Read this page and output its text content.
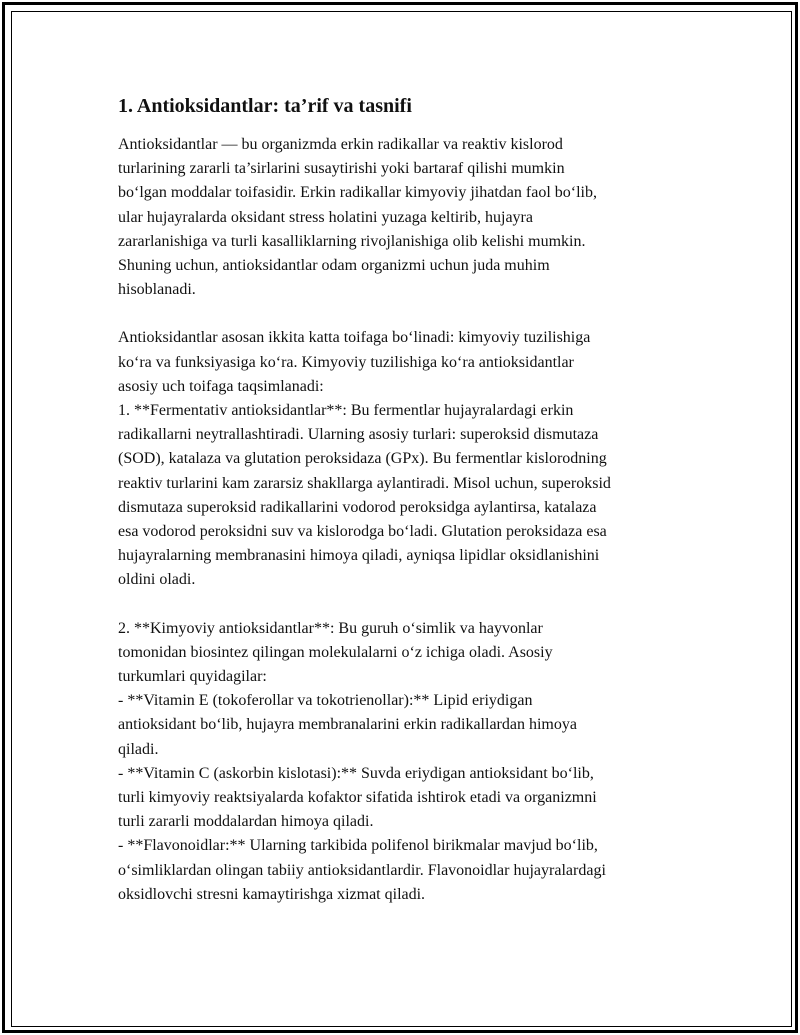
1. Antioksidantlar: ta’rif va tasnifi

Antioksidantlar — bu organizmda erkin radikallar va reaktiv kislorod
turlarining zararli ta’sirlarini susaytirishi yoki bartaraf qilishi mumkin
bo‘lgan moddalar toifasidir. Erkin radikallar kimyoviy jihatdan faol bo‘lib,
ular hujayralarda oksidant stress holatini yuzaga keltirib, hujayra
zararlanishiga va turli kasalliklarning rivojlanishiga olib kelishi mumkin.
Shuning uchun, antioksidantlar odam organizmi uchun juda muhim
hisoblanadi.

Antioksidantlar asosan ikkita katta toifaga bo‘linadi: kimyoviy tuzilishiga
ko‘ra va funksiyasiga ko‘ra. Kimyoviy tuzilishiga ko‘ra antioksidantlar
asosiy uch toifaga taqsimlanadi:
1. **Fermentativ antioksidantlar**: Bu fermentlar hujayralardagi erkin
radikallarni neytrallashtiradi. Ularning asosiy turlari: superoksid dismutaza
(SOD), katalaza va glutation peroksidaza (GPx). Bu fermentlar kislorodning
reaktiv turlarini kam zararsiz shakllarga aylantiradi. Misol uchun, superoksid
dismutaza superoksid radikallarini vodorod peroksidga aylantirsa, katalaza
esa vodorod peroksidni suv va kislorodga bo‘ladi. Glutation peroksidaza esa
hujayralarning membranasini himoya qiladi, ayniqsa lipidlar oksidlanishini
oldini oladi.

2. **Kimyoviy antioksidantlar**: Bu guruh o‘simlik va hayvonlar
tomonidan biosintez qilingan molekulalarni o‘z ichiga oladi. Asosiy
turkumlari quyidagilar:
- **Vitamin E (tokoferollar va tokotrienollar):** Lipid eriydigan
antioksidant bo‘lib, hujayra membranalarini erkin radikallardan himoya
qiladi.
- **Vitamin C (askorbin kislotasi):** Suvda eriydigan antioksidant bo‘lib,
turli kimyoviy reaktsiyalarda kofaktor sifatida ishtirok etadi va organizmni
turli zararli moddalardan himoya qiladi.
- **Flavonoidlar:** Ularning tarkibida polifenol birikmalar mavjud bo‘lib,
o‘simliklardan olingan tabiiy antioksidantlardir. Flavonoidlar hujayralardagi
oksidlovchi stresni kamaytirishga xizmat qiladi.
